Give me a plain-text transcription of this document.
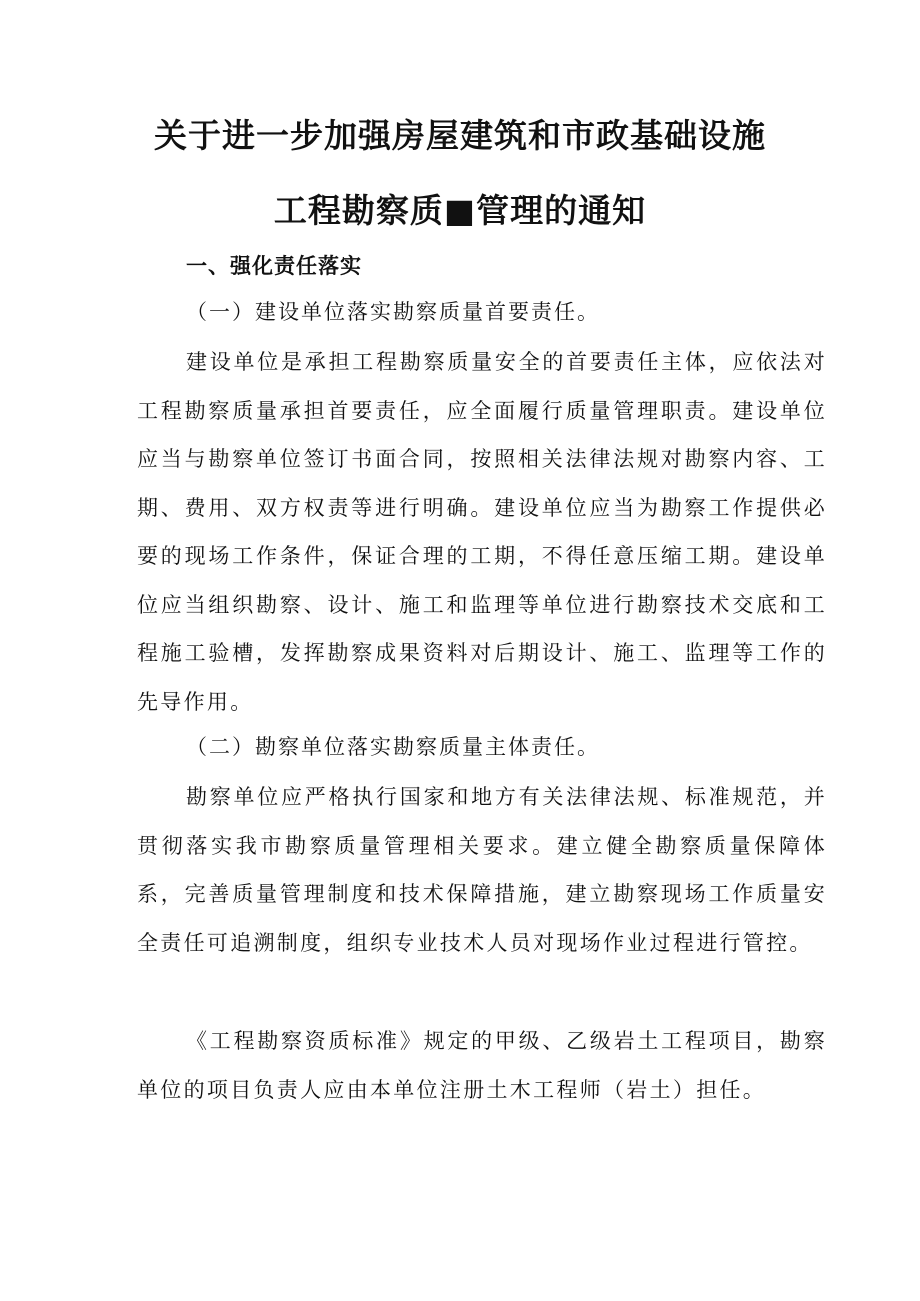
关于进一步加强房屋建筑和市政基础设施
工程勘察质■管理的通知
一、强化责任落实
（一）建设单位落实勘察质量首要责任。

建设单位是承担工程勘察质量安全的首要责任主体，应依法对工程勘察质量承担首要责任，应全面履行质量管理职责。建设单位应当与勘察单位签订书面合同，按照相关法律法规对勘察内容、工期、费用、双方权责等进行明确。建设单位应当为勘察工作提供必要的现场工作条件，保证合理的工期，不得任意压缩工期。建设单位应当组织勘察、设计、施工和监理等单位进行勘察技术交底和工程施工验槽，发挥勘察成果资料对后期设计、施工、监理等工作的先导作用。

（二）勘察单位落实勘察质量主体责任。

勘察单位应严格执行国家和地方有关法律法规、标准规范，并贯彻落实我市勘察质量管理相关要求。建立健全勘察质量保障体系，完善质量管理制度和技术保障措施，建立勘察现场工作质量安全责任可追溯制度，组织专业技术人员对现场作业过程进行管控。

《工程勘察资质标准》规定的甲级、乙级岩土工程项目，勘察单位的项目负责人应由本单位注册土木工程师（岩土）担任。
